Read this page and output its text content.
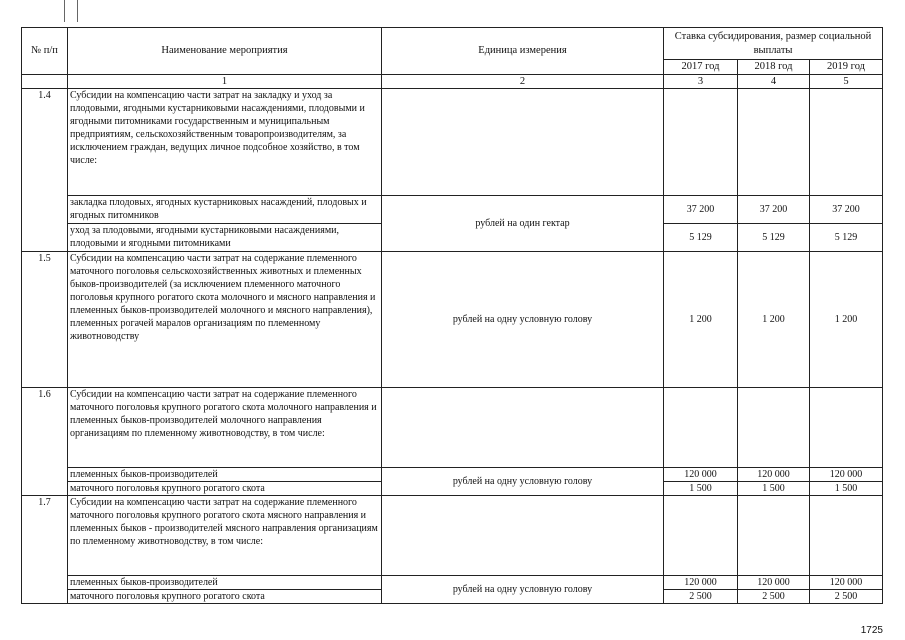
№ п/п	Наименование мероприятия	Единица измерения	Ставка субсидирования, размер социальной выплаты		
			2017 год	2018 год	2019 год
	1	2	3	4	5
1.4	Субсидии на компенсацию части затрат на закладку и уход за плодовыми, ягодными кустарниковыми насаждениями, плодовыми и ягодными питомниками государственным и муниципальным предприятиям, сельскохозяйственным товаропроизводителям, за исключением граждан, ведущих личное подсобное хозяйство, в том числе:				
	закладка плодовых, ягодных кустарниковых насаждений, плодовых и ягодных питомников	рублей на один гектар	37 200	37 200	37 200
	уход за плодовыми, ягодными кустарниковыми насаждениями, плодовыми и ягодными питомниками		5 129	5 129	5 129
1.5	Субсидии на компенсацию части затрат на содержание племенного маточного поголовья сельскохозяйственных животных и племенных быков-производителей (за исключением племенного маточного поголовья крупного рогатого скота молочного и мясного направления и племенных быков-производителей молочного и мясного направления), племенных рогачей маралов организациям по племенному животноводству	рублей на одну условную голову	1 200	1 200	1 200
1.6	Субсидии на компенсацию части затрат на содержание племенного маточного поголовья крупного рогатого скота молочного направления и племенных быков-производителей молочного направления организациям по племенному животноводству, в том числе:				
	племенных быков-производителей	рублей на одну условную голову	120 000	120 000	120 000
	маточного поголовья крупного рогатого скота		1 500	1 500	1 500
1.7	Субсидии на компенсацию части затрат на содержание племенного маточного поголовья крупного рогатого скота мясного направления и племенных быков - производителей мясного направления организациям по племенному животноводству, в том числе:				
	племенных быков-производителей	рублей на одну условную голову	120 000	120 000	120 000
	маточного поголовья крупного рогатого скота		2 500	2 500	2 500
1725
